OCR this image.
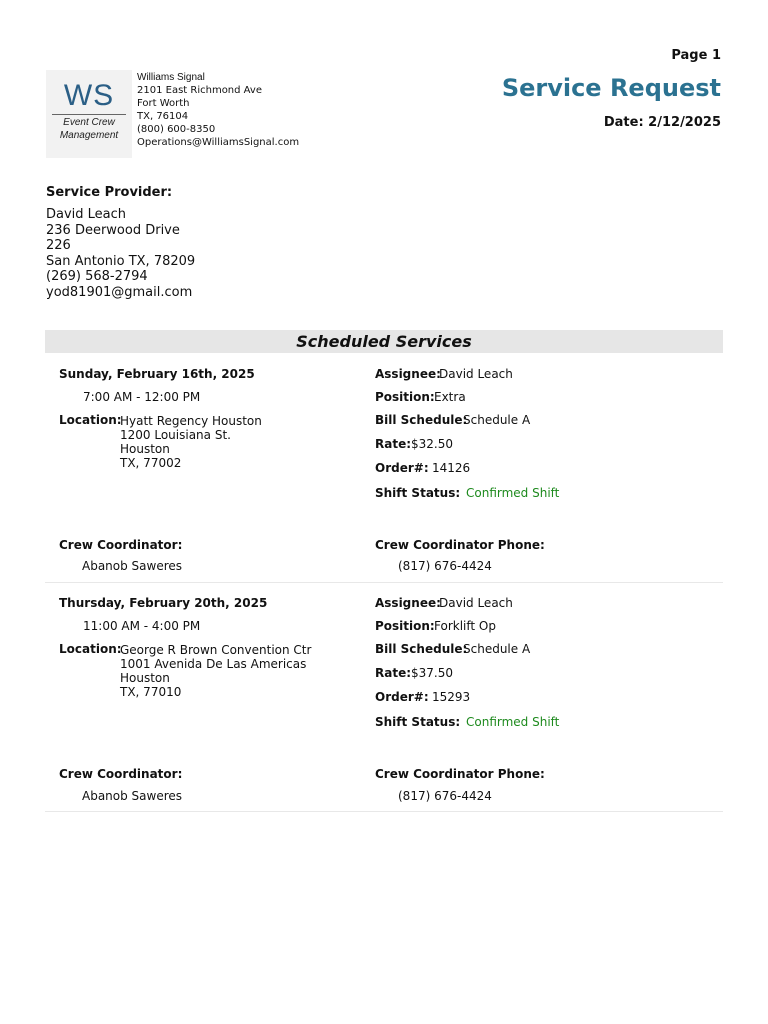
Page 1
Service Request
Date: 2/12/2025
WS
Event Crew
Management
Williams Signal
2101 East Richmond Ave
Fort Worth
TX, 76104
(800) 600-8350
Operations@WilliamsSignal.com
Service Provider:
David Leach
236 Deerwood Drive
226
San Antonio TX, 78209
(269) 568-2794
yod81901@gmail.com
Scheduled Services
Sunday, February 16th, 2025
7:00 AM - 12:00 PM
Location:
Hyatt Regency Houston
1200 Louisiana St.
Houston
TX, 77002
Assignee:
David Leach
Position: Extra
Bill Schedule:
Schedule A
Rate: $32.50
Order#: 14126
Shift Status: Confirmed Shift
Crew Coordinator:
Abanob Saweres
Crew Coordinator Phone:
(817) 676-4424
Thursday, February 20th, 2025
11:00 AM - 4:00 PM
Location:
George R Brown Convention Ctr
1001 Avenida De Las Americas
Houston
TX, 77010
Assignee:
David Leach
Position: Forklift Op
Bill Schedule:
Schedule A
Rate: $37.50
Order#: 15293
Shift Status: Confirmed Shift
Crew Coordinator:
Abanob Saweres
Crew Coordinator Phone:
(817) 676-4424
